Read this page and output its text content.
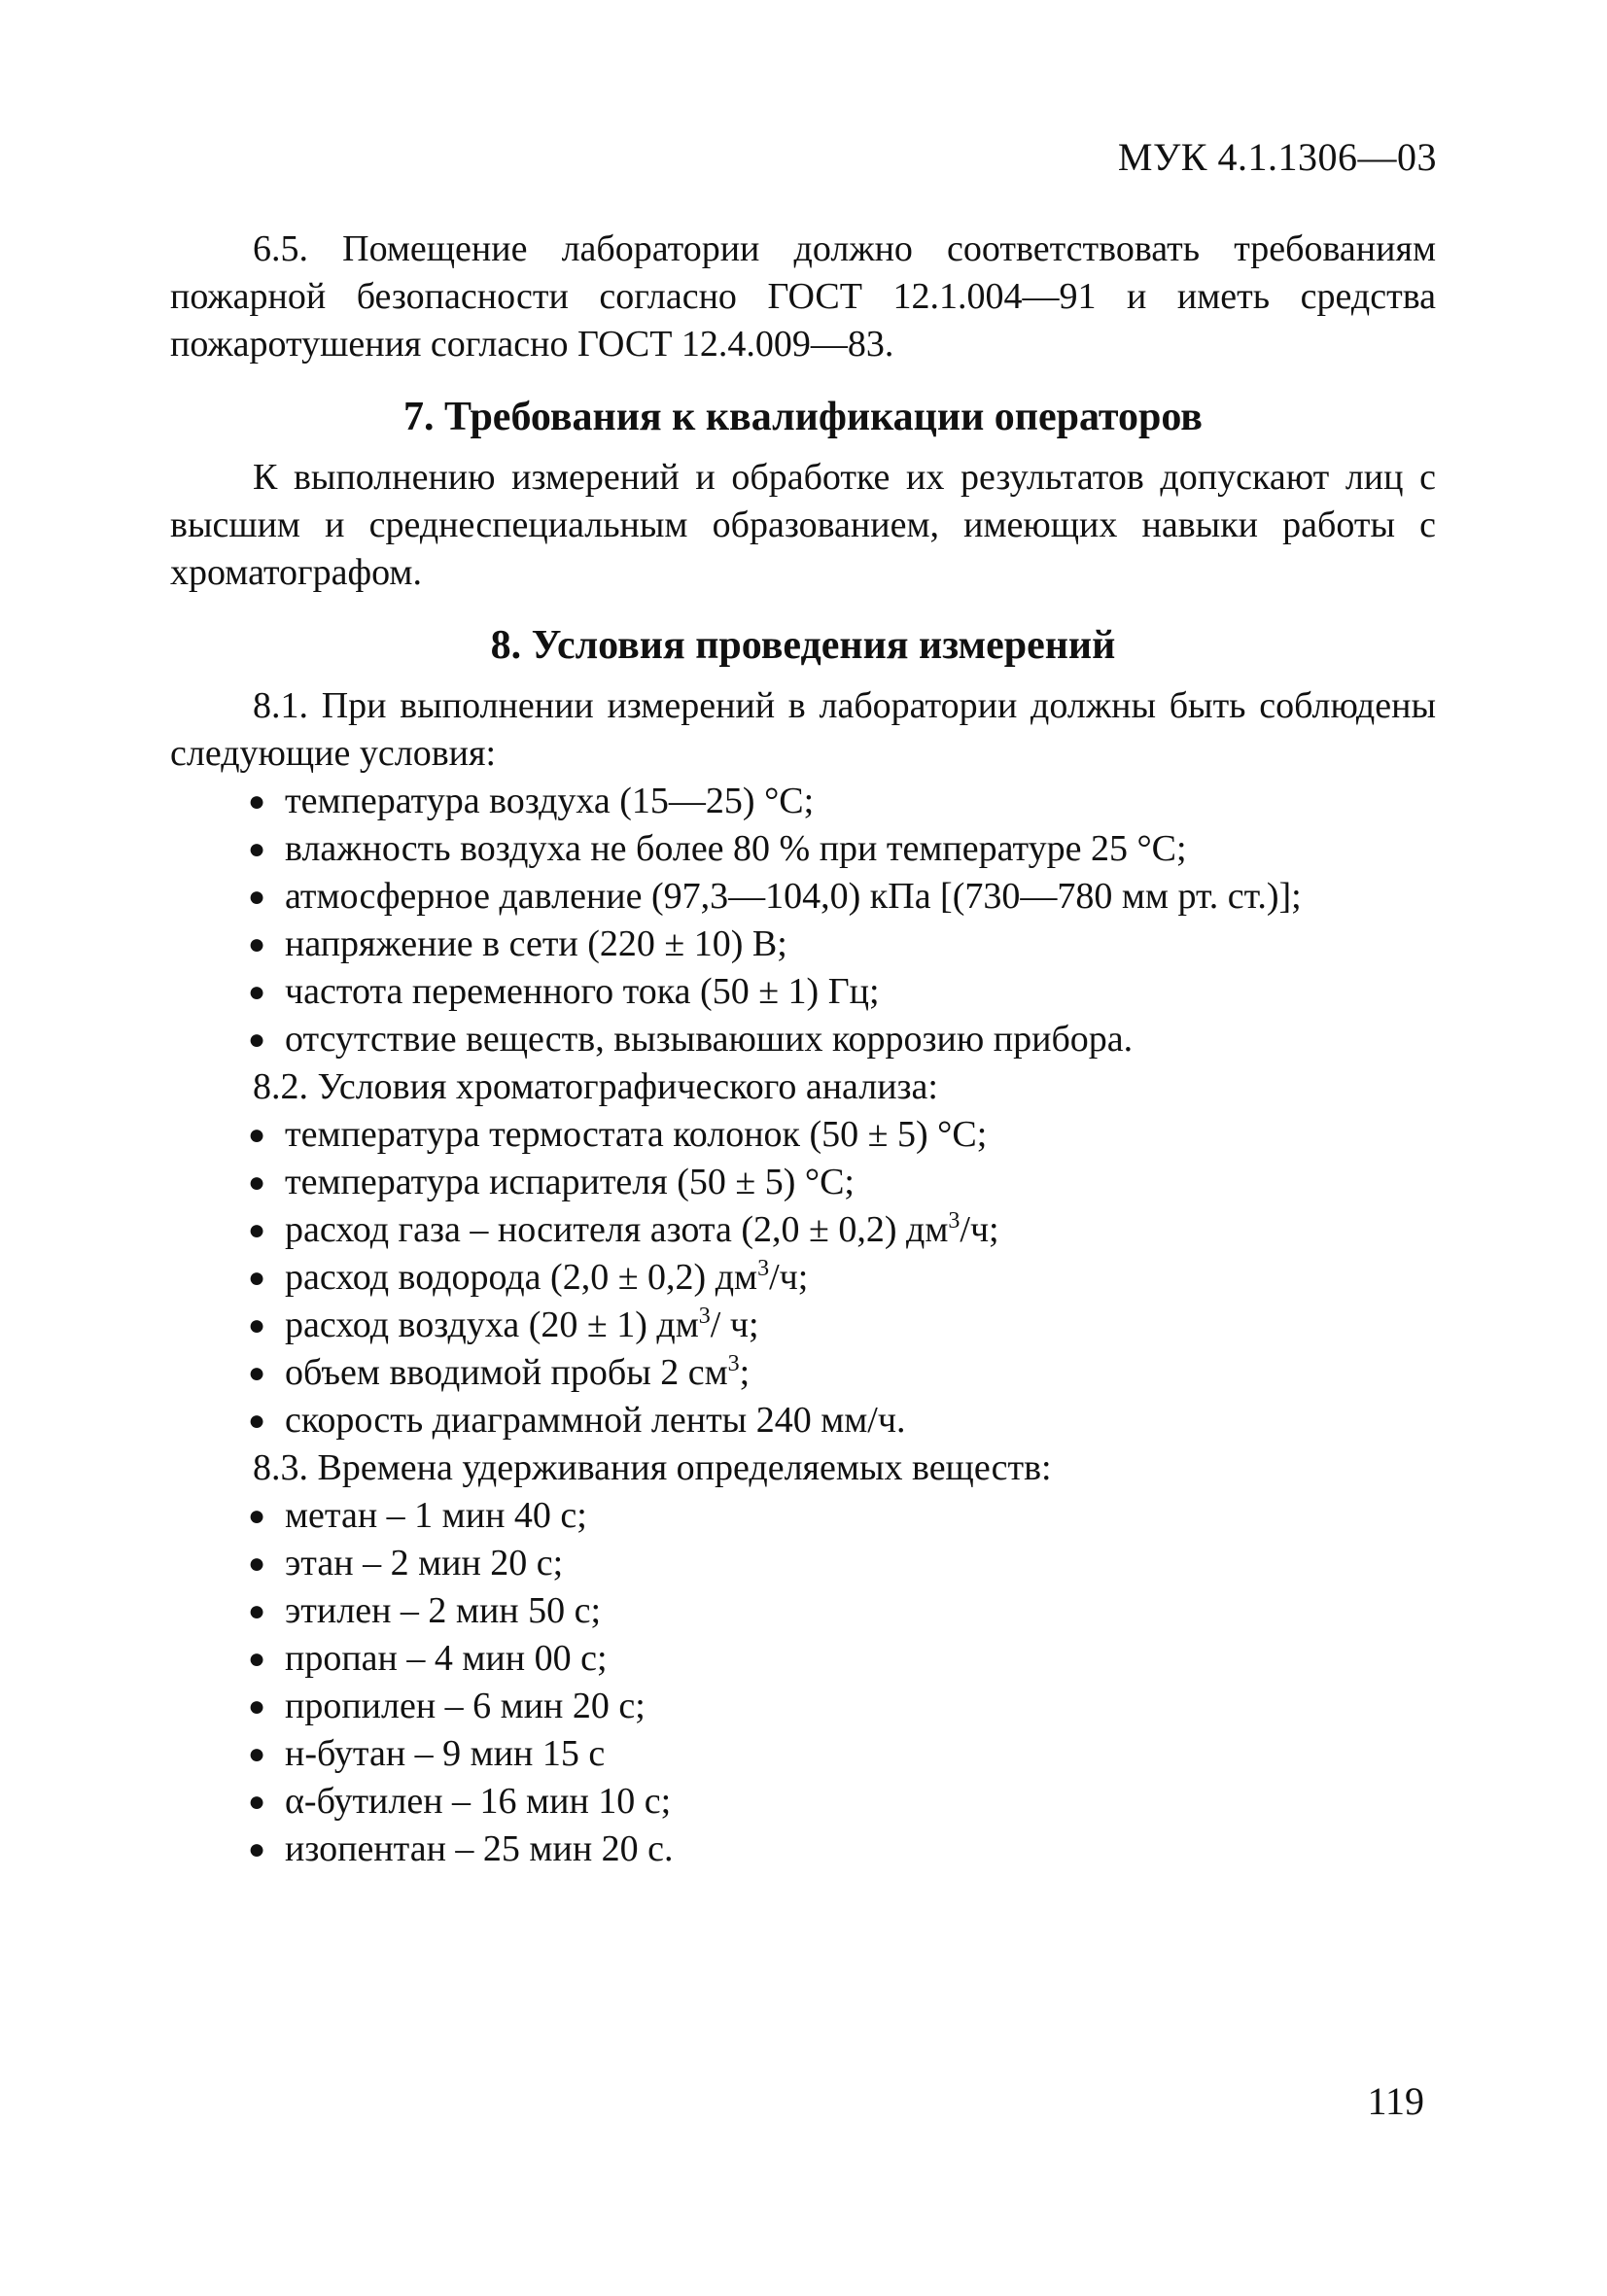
МУК 4.1.1306—03

6.5. Помещение лаборатории должно соответствовать требованиям пожарной безопасности согласно ГОСТ 12.1.004—91 и иметь средства пожаротушения согласно ГОСТ 12.4.009—83.

7. Требования к квалификации операторов

К выполнению измерений и обработке их результатов допускают лиц с высшим и среднеспециальным образованием, имеющих навыки работы с хроматографом.

8. Условия проведения измерений

8.1. При выполнении измерений в лаборатории должны быть соблюдены следующие условия:

● температура воздуха (15—25) °С;
● влажность воздуха не более 80 % при температуре 25 °С;
● атмосферное давление (97,3—104,0) кПа [(730—780 мм рт. ст.)];
● напряжение в сети (220 ± 10) В;
● частота переменного тока (50 ± 1) Гц;
● отсутствие веществ, вызываюших коррозию прибора.

8.2. Условия хроматографического анализа:

● температура термостата колонок (50 ± 5) °С;
● температура испарителя (50 ± 5) °С;
● расход газа – носителя азота (2,0 ± 0,2) $дм^3/ч$;
● расход водорода (2,0 ± 0,2) $дм^3/ч$;
● расход воздуха (20 ± 1) $дм^3/$ ч;
● объем вводимой пробы 2 $см^3$;
● скорость диаграммной ленты 240 мм/ч.

8.3. Времена удерживания определяемых веществ:

● метан – 1 мин 40 с;
● этан – 2 мин 20 с;
● этилен – 2 мин 50 с;
● пропан – 4 мин 00 с;
● пропилен – 6 мин 20 с;
● н-бутан – 9 мин 15 с
● α-бутилен – 16 мин 10 с;
● изопентан – 25 мин 20 с.
119
